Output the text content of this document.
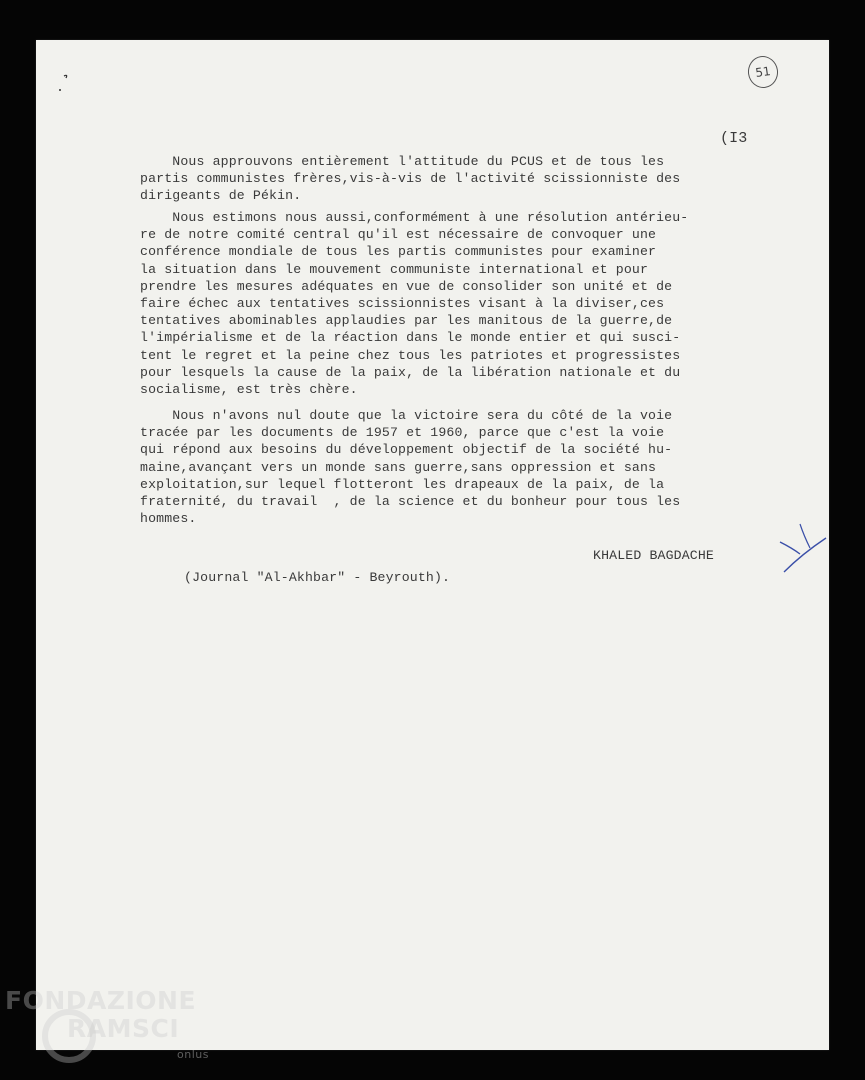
51
(I3
Nous approuvons entièrement l'attitude du PCUS et de tous les
partis communistes frères,vis-à-vis de l'activité scissionniste des
dirigeants de Pékin.
Nous estimons nous aussi,conformément à une résolution antérieu-
re de notre comité central qu'il est nécessaire de convoquer une
conférence mondiale de tous les partis communistes pour examiner
la situation dans le mouvement communiste international et pour
prendre les mesures adéquates en vue de consolider son unité et de
faire échec aux tentatives scissionnistes visant à la diviser,ces
tentatives abominables applaudies par les manitous de la guerre,de
l'impérialisme et de la réaction dans le monde entier et qui susci-
tent le regret et la peine chez tous les patriotes et progressistes
pour lesquels la cause de la paix, de la libération nationale et du
socialisme, est très chère.
Nous n'avons nul doute que la victoire sera du côté de la voie
tracée par les documents de 1957 et 1960, parce que c'est la voie
qui répond aux besoins du développement objectif de la société hu-
maine,avançant vers un monde sans guerre,sans oppression et sans
exploitation,sur lequel flotteront les drapeaux de la paix, de la
fraternité, du travail  , de la science et du bonheur pour tous les
hommes.
KHALED BAGDACHE
(Journal "Al-Akhbar" - Beyrouth).
FONDAZIONE
RAMSCI
onlus
